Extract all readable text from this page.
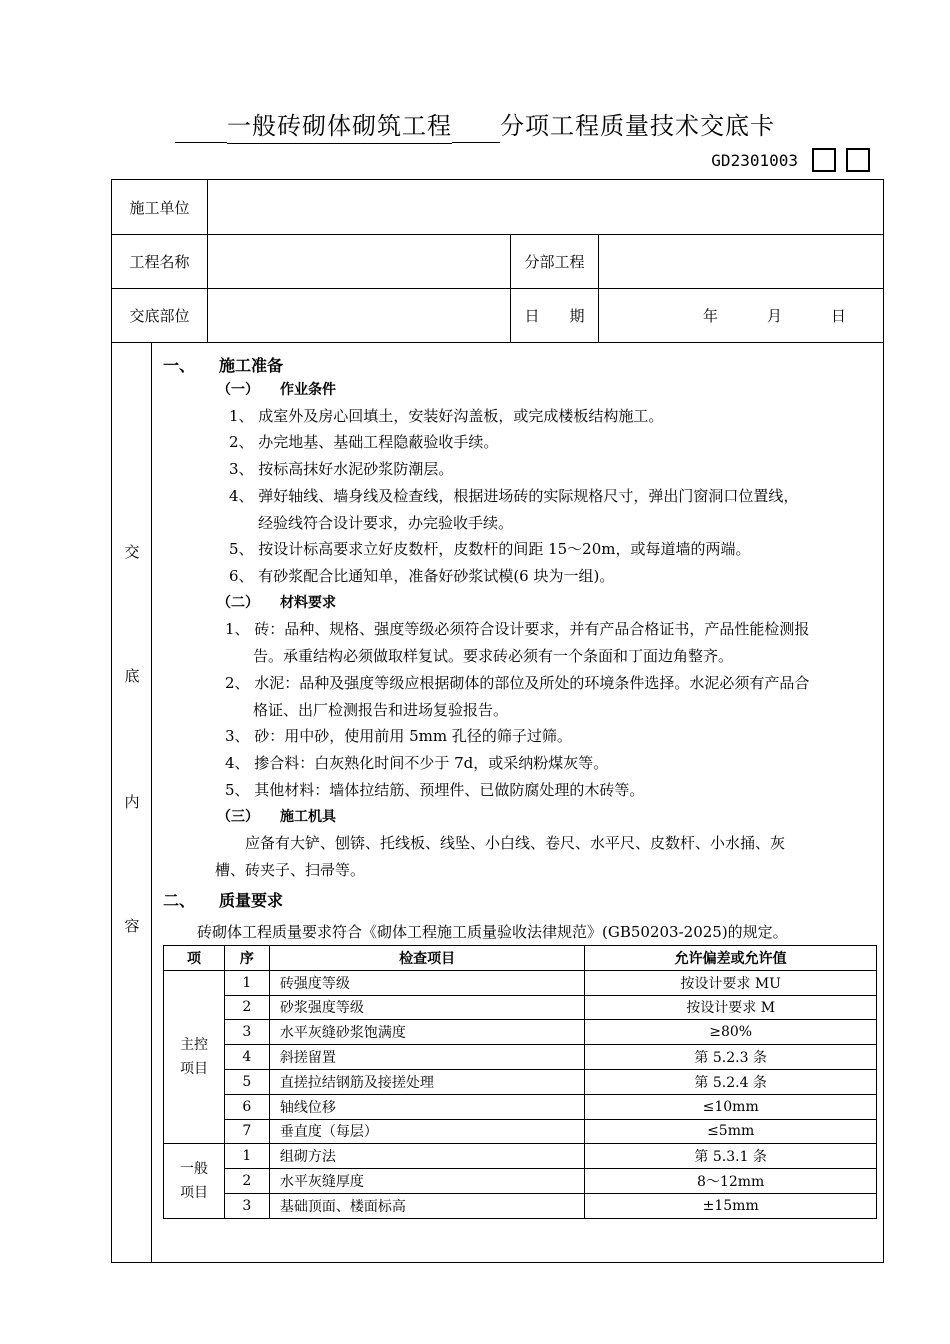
一般砖砌体砌筑工程 分项工程质量技术交底卡
GD2301003
施工单位
工程名称	分部工程
交底部位	日　　期	年	月	日
交
底
内
容
一、　　施工准备
（一）　　作业条件
1、 成室外及房心回填土，安装好沟盖板，或完成楼板结构施工。
2、 办完地基、基础工程隐蔽验收手续。
3、 按标高抹好水泥砂浆防潮层。
4、 弹好轴线、墙身线及检查线，根据进场砖的实际规格尺寸，弹出门窗洞口位置线，
经验线符合设计要求，办完验收手续。
5、 按设计标高要求立好皮数杆，皮数杆的间距 15～20m，或每道墙的两端。
6、 有砂浆配合比通知单，准备好砂浆试模(6 块为一组)。
（二）　　材料要求
1、 砖：品种、规格、强度等级必须符合设计要求，并有产品合格证书，产品性能检测报
告。承重结构必须做取样复试。要求砖必须有一个条面和丁面边角整齐。
2、 水泥：品种及强度等级应根据砌体的部位及所处的环境条件选择。水泥必须有产品合
格证、出厂检测报告和进场复验报告。
3、 砂：用中砂，使用前用 5mm 孔径的筛子过筛。
4、 掺合料：白灰熟化时间不少于 7d，或采纳粉煤灰等。
5、 其他材料：墙体拉结筋、预埋件、已做防腐处理的木砖等。
（三）　　施工机具
应备有大铲、刨锛、托线板、线坠、小白线、卷尺、水平尺、皮数杆、小水捅、灰
槽、砖夹子、扫帚等。
二、　　质量要求
砖砌体工程质量要求符合《砌体工程施工质量验收法律规范》(GB50203-2025)的规定。
项	序	检查项目	允许偏差或允许值
主控
项目	1	砖强度等级	按设计要求 MU
	2	砂浆强度等级	按设计要求 M
	3	水平灰缝砂浆饱满度	≥80%
	4	斜搓留置	第 5.2.3 条
	5	直搓拉结钢筋及接搓处理	第 5.2.4 条
	6	轴线位移	≤10mm
	7	垂直度（每层）	≤5mm
一般
项目	1	组砌方法	第 5.3.1 条
	2	水平灰缝厚度	8～12mm
	3	基础顶面、楼面标高	±15mm
